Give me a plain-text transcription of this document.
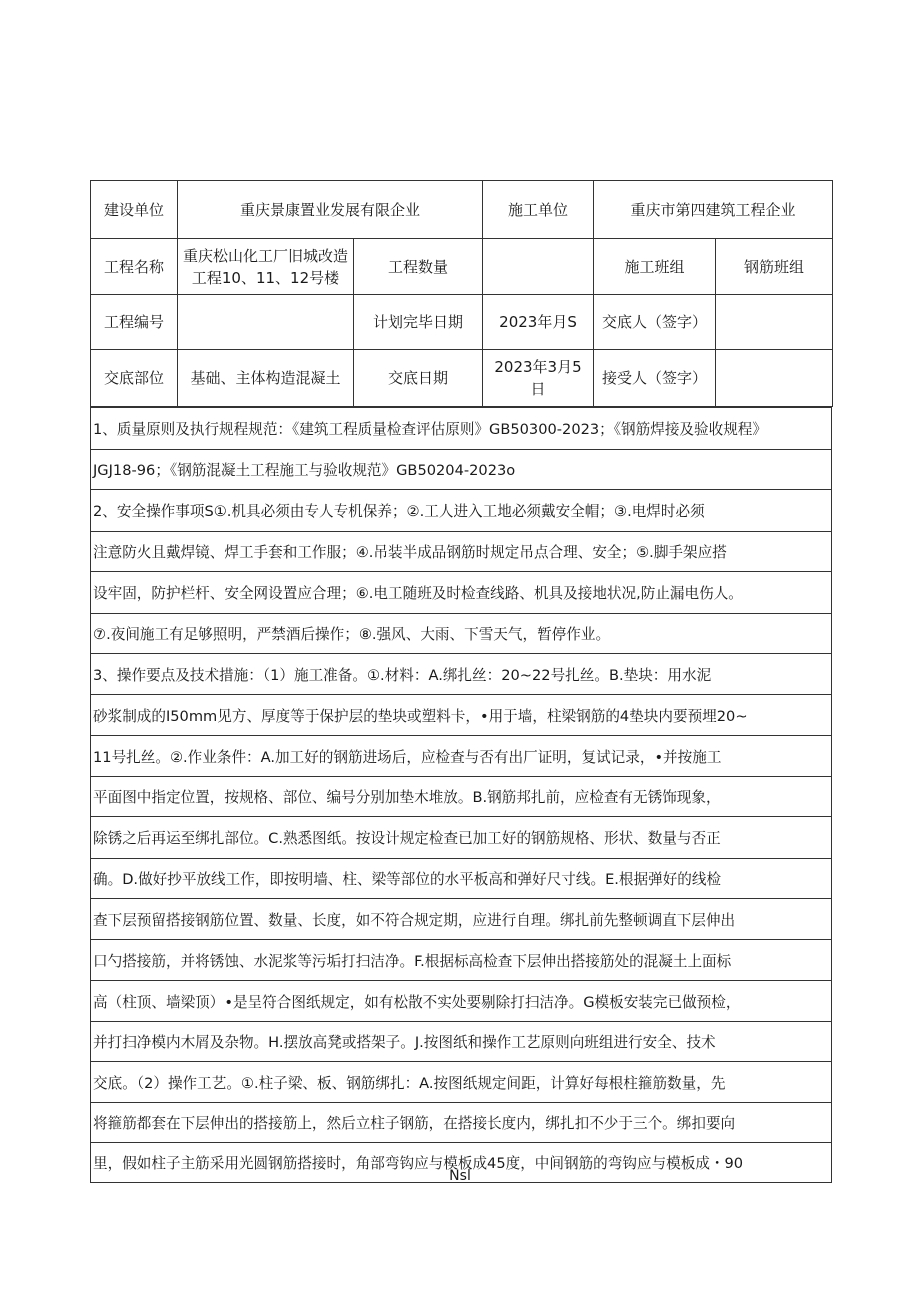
建设单位	重庆景康置业发展有限企业		施工单位	重庆市第四建筑工程企业	
工程名称	重庆松山化工厂旧城改造工程10、11、12号楼	工程数量		施工班组	钢筋班组
工程编号		计划完毕日期	2023年月S	交底人（签字）	
交底部位	基础、主体构造混凝土	交底日期	2023年3月5日	接受人（签字）	
1、质量原则及执行规程规范：《建筑工程质量检查评估原则》GB50300-2023；《钢筋焊接及验收规程》
JGJ18-96；《钢筋混凝土工程施工与验收规范》GB50204-2023o
2、安全操作事项S①.机具必须由专人专机保养；②.工人进入工地必须戴安全帽；③.电焊时必须
注意防火且戴焊镜、焊工手套和工作服；④.吊装半成品钢筋时规定吊点合理、安全；⑤.脚手架应搭
设牢固，防护栏杆、安全网设置应合理；⑥.电工随班及时检查线路、机具及接地状况,防止漏电伤人。
⑦.夜间施工有足够照明，严禁酒后操作；⑧.强风、大雨、下雪天气，暂停作业。
3、操作要点及技术措施：（1）施工准备。①.材料：A.绑扎丝：20~22号扎丝。B.垫块：用水泥
砂浆制成的I50mm见方、厚度等于保护层的垫块或塑料卡，•用于墙，柱梁钢筋的4垫块内要预埋20~
11号扎丝。②.作业条件：A.加工好的钢筋进场后，应检查与否有出厂证明，复试记录，•并按施工
平面图中指定位置，按规格、部位、编号分别加垫木堆放。B.钢筋邦扎前，应检查有无锈饰现象，
除锈之后再运至绑扎部位。C.熟悉图纸。按设计规定检查已加工好的钢筋规格、形状、数量与否正
确。D.做好抄平放线工作，即按明墙、柱、梁等部位的水平板高和弹好尺寸线。E.根据弹好的线检
查下层预留搭接钢筋位置、数量、长度，如不符合规定期，应进行自理。绑扎前先整顿调直下层伸出
口勺搭接筋，并将锈蚀、水泥浆等污垢打扫洁净。F.根据标高检查下层伸出搭接筋处的混凝土上面标
高（柱顶、墙梁顶）•是呈符合图纸规定，如有松散不实处要剔除打扫洁净。G模板安装完已做预检，
并打扫净模内木屑及杂物。H.摆放高凳或搭架子。J.按图纸和操作工艺原则向班组进行安全、技术
交底。（2）操作工艺。①.柱子梁、板、钢筋绑扎：A.按图纸规定间距，计算好每根柱箍筋数量，先
将箍筋都套在下层伸出的搭接筋上，然后立柱子钢筋，在搭接长度内，绑扎扣不少于三个。绑扣要向
里，假如柱子主筋采用光圆钢筋搭接时，角部弯钩应与模板成45度，中间钢筋的弯钩应与模板成・90
Nsl
